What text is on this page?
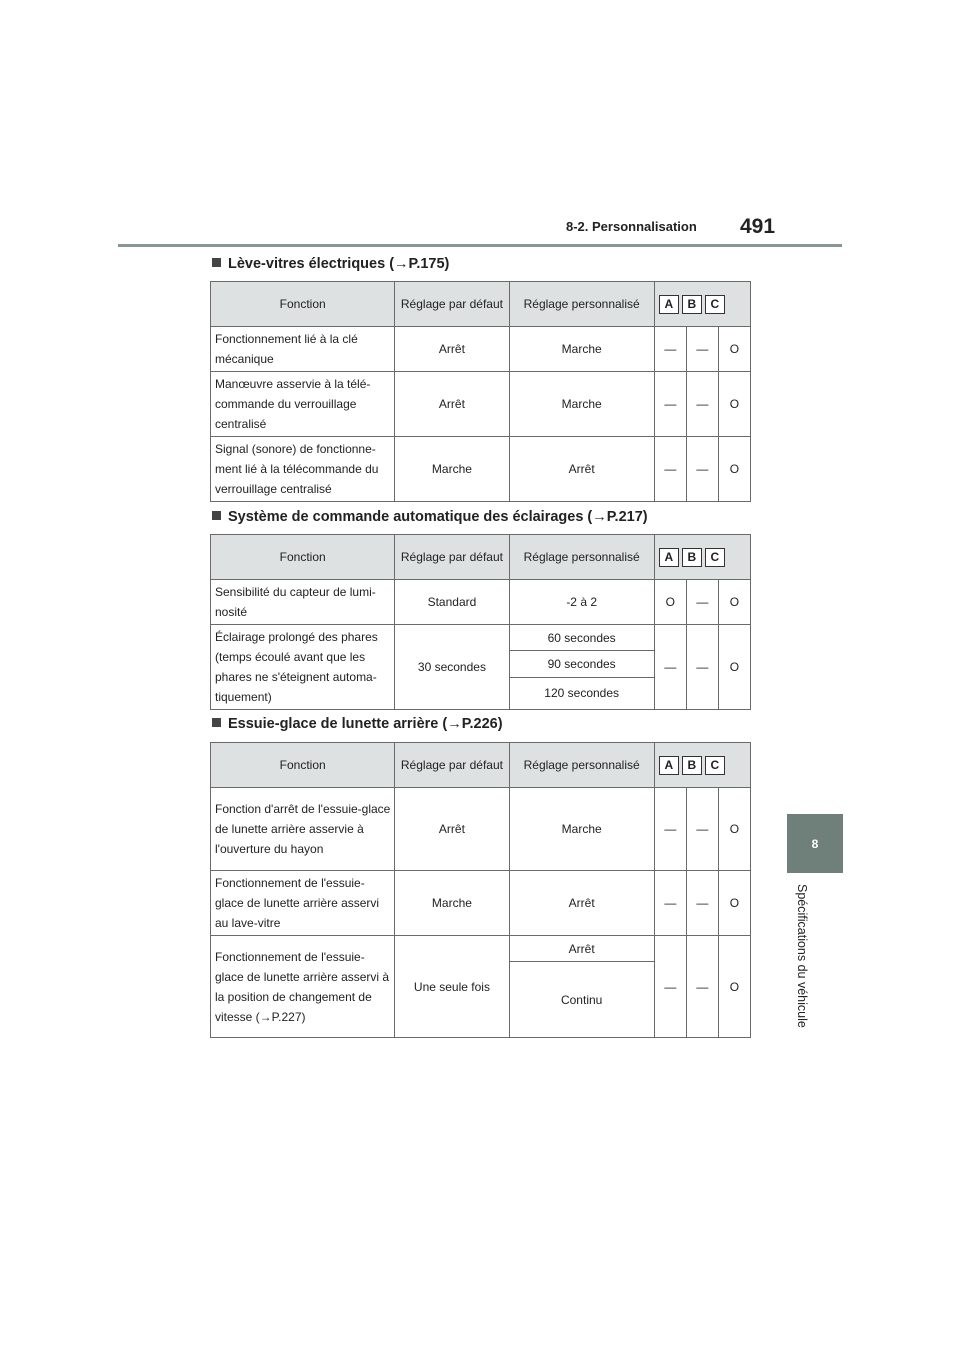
8-2. Personnalisation 491
8
Spécifications du véhicule
Lève-vitres électriques (→P.175)
Fonction	Réglage par défaut	Réglage personnalisé	A B C		
Fonctionnement lié à la clé mécanique	Arrêt	Marche	—	—	O
Manœuvre asservie à la télé-commande du verrouillage centralisé	Arrêt	Marche	—	—	O
Signal (sonore) de fonctionne-ment lié à la télécommande du verrouillage centralisé	Marche	Arrêt	—	—	O
Système de commande automatique des éclairages (→P.217)
Fonction	Réglage par défaut	Réglage personnalisé	A B C		
Sensibilité du capteur de lumi-nosité	Standard	-2 à 2	O	—	O
Éclairage prolongé des phares (temps écoulé avant que les phares ne s'éteignent automa-tiquement)	30 secondes	60 secondes	—	—	O
		90 secondes			
		120 secondes			
Essuie-glace de lunette arrière (→P.226)
Fonction	Réglage par défaut	Réglage personnalisé	A B C		
Fonction d'arrêt de l'essuie-glace de lunette arrière asservie à l'ouverture du hayon	Arrêt	Marche	—	—	O
Fonctionnement de l'essuie-glace de lunette arrière asservi au lave-vitre	Marche	Arrêt	—	—	O
Fonctionnement de l'essuie-glace de lunette arrière asservi à la position de changement de vitesse (→P.227)	Une seule fois	Arrêt	—	—	O
		Continu			
